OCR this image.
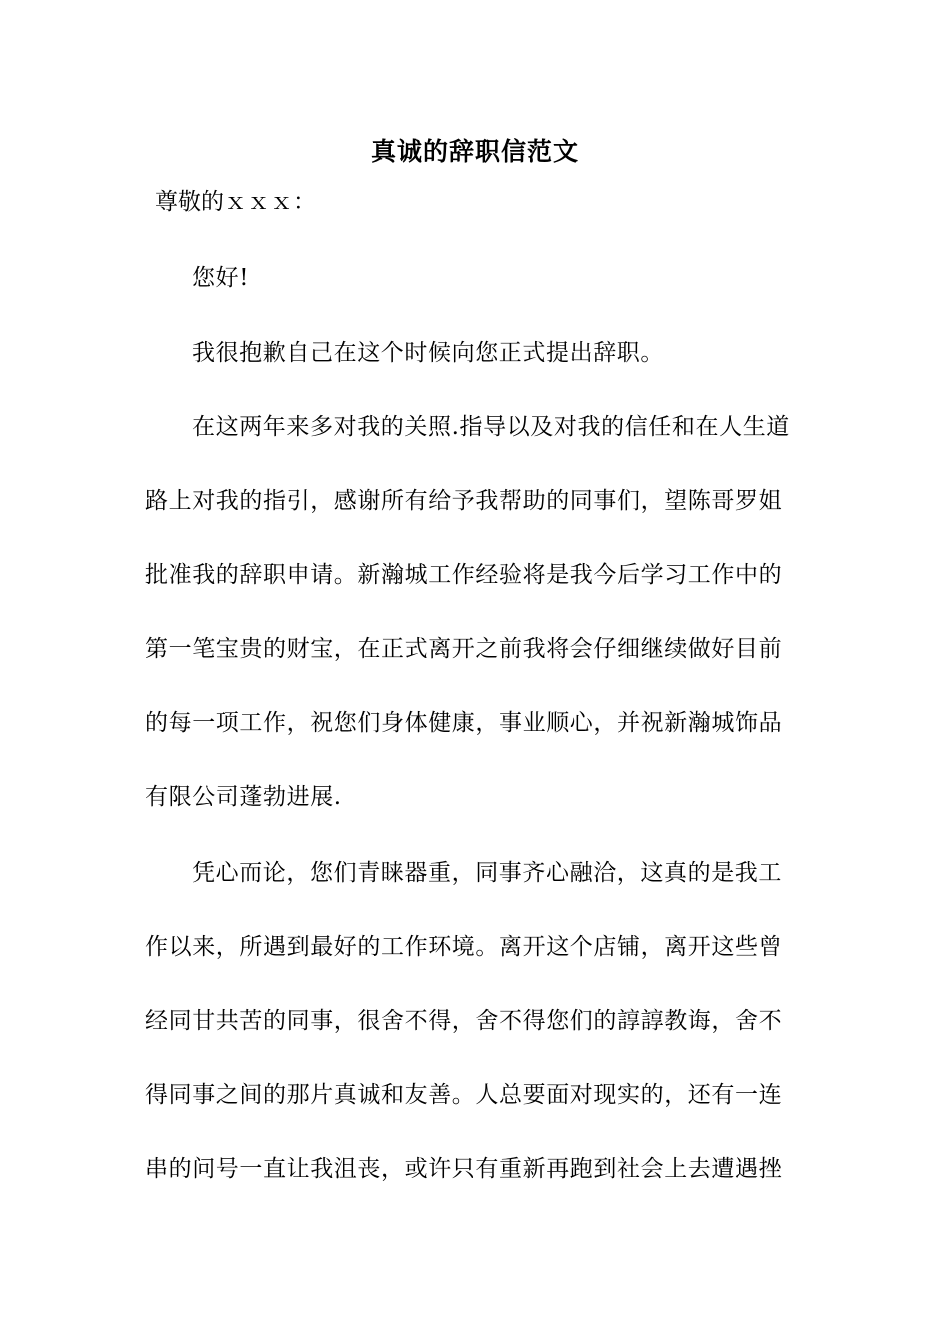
真诚的辞职信范文
尊敬的ｘｘｘ：
您好!
我很抱歉自己在这个时候向您正式提出辞职。
在这两年来多对我的关照.指导以及对我的信任和在人生道
路上对我的指引，感谢所有给予我帮助的同事们，望陈哥罗姐
批准我的辞职申请。新瀚城工作经验将是我今后学习工作中的
第一笔宝贵的财宝，在正式离开之前我将会仔细继续做好目前
的每一项工作，祝您们身体健康，事业顺心，并祝新瀚城饰品
有限公司蓬勃进展.
凭心而论，您们青睐器重，同事齐心融洽，这真的是我工
作以来，所遇到最好的工作环境。离开这个店铺，离开这些曾
经同甘共苦的同事，很舍不得，舍不得您们的諄諄教诲，舍不
得同事之间的那片真诚和友善。人总要面对现实的，还有一连
串的问号一直让我沮丧，或许只有重新再跑到社会上去遭遇挫
